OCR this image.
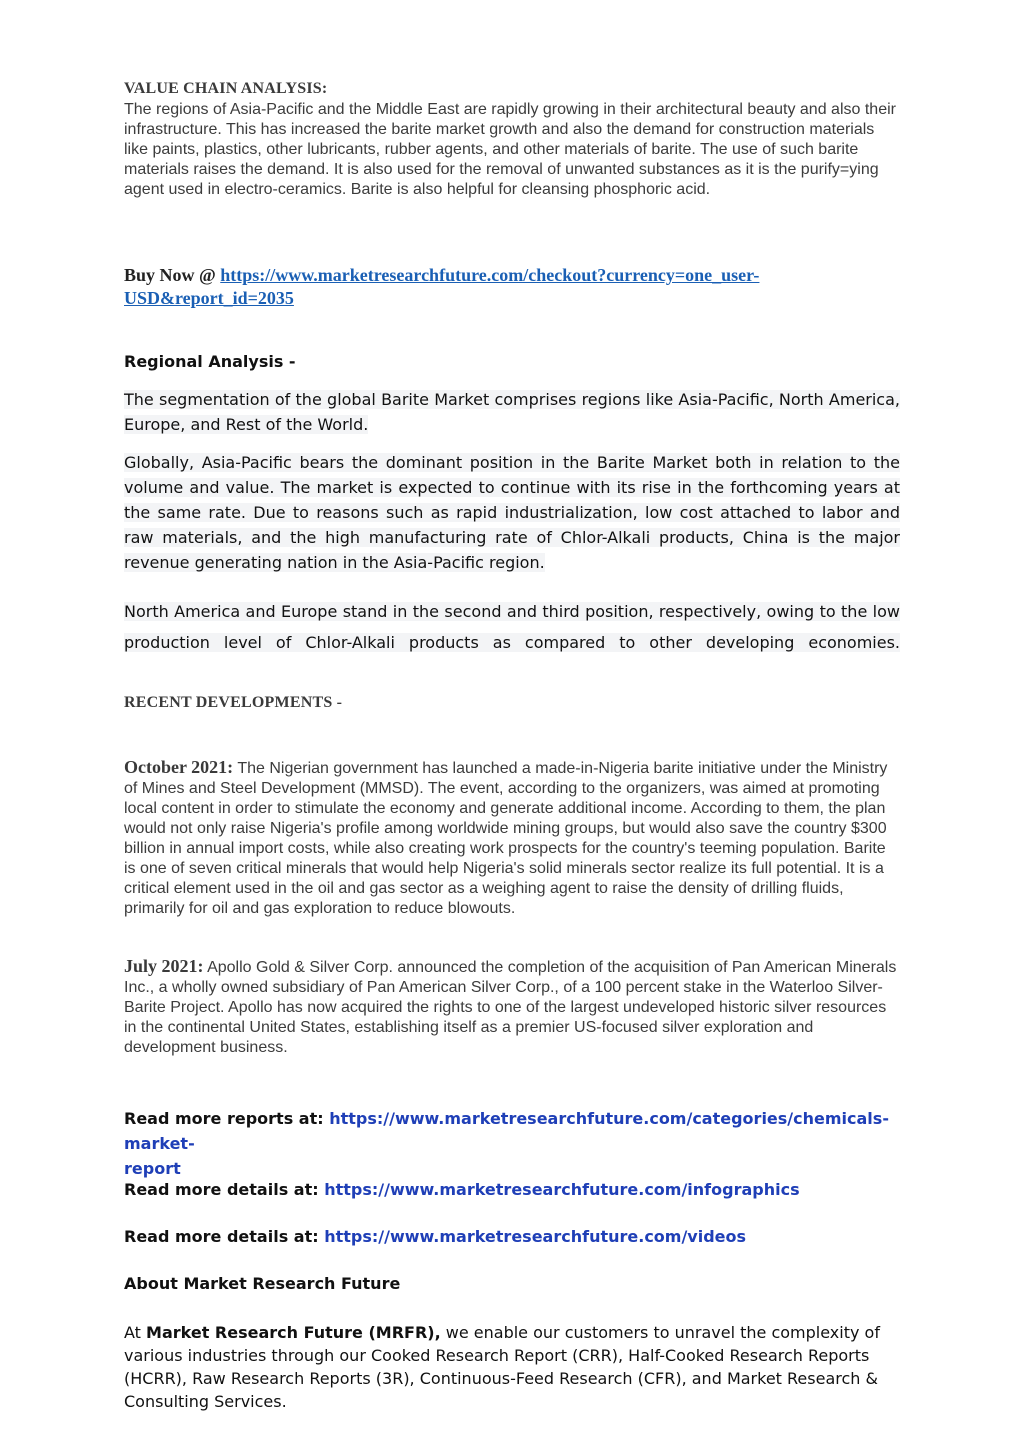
VALUE CHAIN ANALYSIS:

The regions of Asia-Pacific and the Middle East are rapidly growing in their architectural beauty and also their infrastructure. This has increased the barite market growth and also the demand for construction materials like paints, plastics, other lubricants, rubber agents, and other materials of barite. The use of such barite materials raises the demand. It is also used for the removal of unwanted substances as it is the purify=ying agent used in electro-ceramics. Barite is also helpful for cleansing phosphoric acid.

Buy Now @ https://www.marketresearchfuture.com/checkout?currency=one_user-
USD&report_id=2035
Regional Analysis -

The segmentation of the global Barite Market comprises regions like Asia-Pacific, North America, Europe, and Rest of the World.

Globally, Asia-Pacific bears the dominant position in the Barite Market both in relation to the volume and value. The market is expected to continue with its rise in the forthcoming years at the same rate. Due to reasons such as rapid industrialization, low cost attached to labor and raw materials, and the high manufacturing rate of Chlor-Alkali products, China is the major revenue generating nation in the Asia-Pacific region.

North America and Europe stand in the second and third position, respectively, owing to the low production level of Chlor-Alkali products as compared to other developing economies.

RECENT DEVELOPMENTS -

October 2021: The Nigerian government has launched a made-in-Nigeria barite initiative under the Ministry of Mines and Steel Development (MMSD). The event, according to the organizers, was aimed at promoting local content in order to stimulate the economy and generate additional income. According to them, the plan would not only raise Nigeria's profile among worldwide mining groups, but would also save the country $300 billion in annual import costs, while also creating work prospects for the country's teeming population. Barite is one of seven critical minerals that would help Nigeria's solid minerals sector realize its full potential. It is a critical element used in the oil and gas sector as a weighing agent to raise the density of drilling fluids, primarily for oil and gas exploration to reduce blowouts.

July 2021: Apollo Gold & Silver Corp. announced the completion of the acquisition of Pan American Minerals Inc., a wholly owned subsidiary of Pan American Silver Corp., of a 100 percent stake in the Waterloo Silver-Barite Project. Apollo has now acquired the rights to one of the largest undeveloped historic silver resources in the continental United States, establishing itself as a premier US-focused silver exploration and development business.

Read more reports at: https://www.marketresearchfuture.com/categories/chemicals-market-
report
Read more details at: https://www.marketresearchfuture.com/infographics
Read more details at: https://www.marketresearchfuture.com/videos
About Market Research Future

At Market Research Future (MRFR), we enable our customers to unravel the complexity of various industries through our Cooked Research Report (CRR), Half-Cooked Research Reports (HCRR), Raw Research Reports (3R), Continuous-Feed Research (CFR), and Market Research & Consulting Services.
